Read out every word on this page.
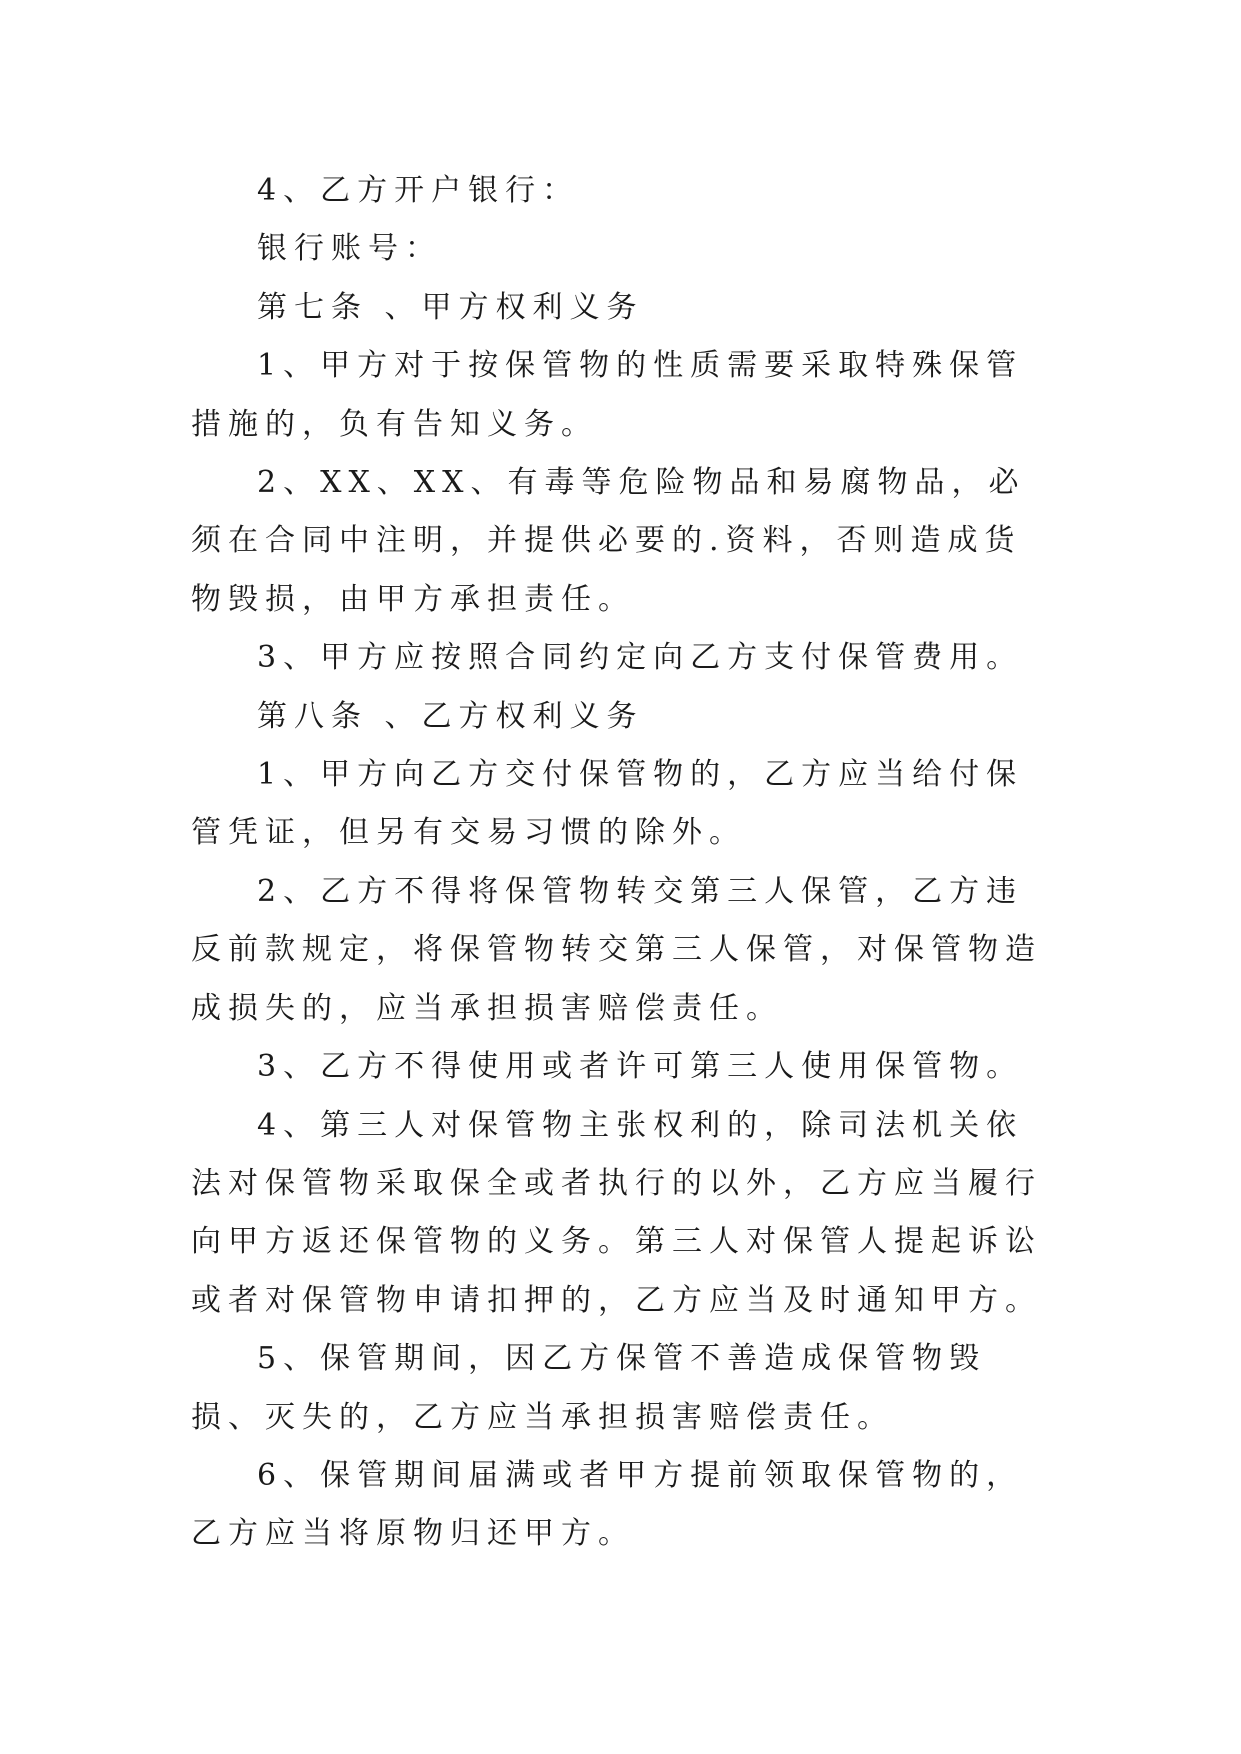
4、乙方开户银行：

银行账号：

第七条 、甲方权利义务

1、甲方对于按保管物的性质需要采取特殊保管措施的，负有告知义务。

2、XX、XX、有毒等危险物品和易腐物品，必须在合同中注明，并提供必要的.资料，否则造成货物毁损，由甲方承担责任。

3、甲方应按照合同约定向乙方支付保管费用。

第八条 、乙方权利义务

1、甲方向乙方交付保管物的，乙方应当给付保管凭证，但另有交易习惯的除外。

2、乙方不得将保管物转交第三人保管，乙方违反前款规定，将保管物转交第三人保管，对保管物造成损失的，应当承担损害赔偿责任。

3、乙方不得使用或者许可第三人使用保管物。

4、第三人对保管物主张权利的，除司法机关依法对保管物采取保全或者执行的以外，乙方应当履行向甲方返还保管物的义务。第三人对保管人提起诉讼或者对保管物申请扣押的，乙方应当及时通知甲方。

5、保管期间，因乙方保管不善造成保管物毁损、灭失的，乙方应当承担损害赔偿责任。

6、保管期间届满或者甲方提前领取保管物的，乙方应当将原物归还甲方。
